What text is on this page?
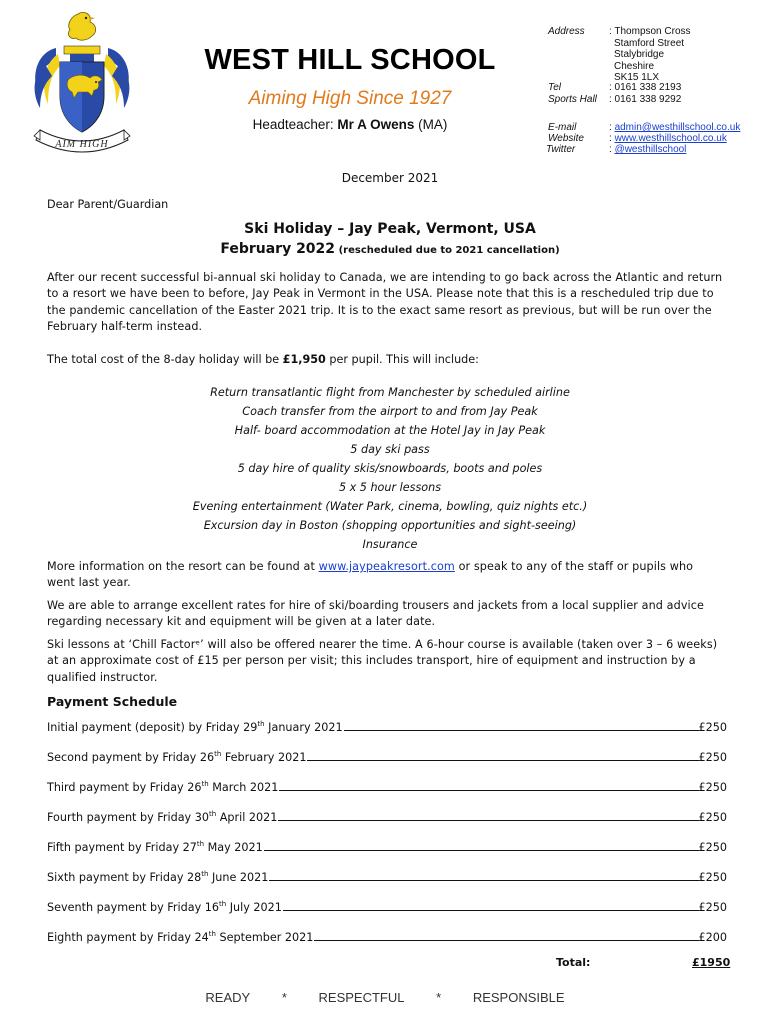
AIM HIGH
WEST HILL SCHOOL
Aiming High Since 1927
Headteacher: Mr A Owens (MA)
Address : Thompson Cross
Stamford Street
Stalybridge
Cheshire
SK15 1LX
Tel	: 0161 338 2193
Sports Hall : 0161 338 9292
E-mail	: admin@westhillschool.co.uk
Website	: www.westhillschool.co.uk
Twitter	: @westhillschool
December 2021
Dear Parent/Guardian
Ski Holiday – Jay Peak, Vermont, USA
February 2022 (rescheduled due to 2021 cancellation)
After our recent successful bi-annual ski holiday to Canada, we are intending to go back across the Atlantic and return
to a resort we have been to before, Jay Peak in Vermont in the USA. Please note that this is a rescheduled trip due to
the pandemic cancellation of the Easter 2021 trip. It is to the exact same resort as previous, but will be run over the
February half-term instead.
The total cost of the 8-day holiday will be £1,950 per pupil. This will include:
Return transatlantic flight from Manchester by scheduled airline
Coach transfer from the airport to and from Jay Peak
Half- board accommodation at the Hotel Jay in Jay Peak
5 day ski pass
5 day hire of quality skis/snowboards, boots and poles
5 x 5 hour lessons
Evening entertainment (Water Park, cinema, bowling, quiz nights etc.)
Excursion day in Boston (shopping opportunities and sight-seeing)
Insurance
More information on the resort can be found at www.jaypeakresort.com or speak to any of the staff or pupils who
went last year.
We are able to arrange excellent rates for hire of ski/boarding trousers and jackets from a local supplier and advice
regarding necessary kit and equipment will be given at a later date.
Ski lessons at ‘Chill Factorᵉ’ will also be offered nearer the time. A 6-hour course is available (taken over 3 – 6 weeks)
at an approximate cost of £15 per person per visit; this includes transport, hire of equipment and instruction by a
qualified instructor.
Payment Schedule
Initial payment (deposit) by Friday 29th January 2021	£250
Second payment by Friday 26th February 2021	£250
Third payment by Friday 26th March 2021	£250
Fourth payment by Friday 30th April 2021	£250
Fifth payment by Friday 27th May 2021	£250
Sixth payment by Friday 28th June 2021	£250
Seventh payment by Friday 16th July 2021	£250
Eighth payment by Friday 24th September 2021	£200
Total:	£1950
READY * RESPECTFUL * RESPONSIBLE
